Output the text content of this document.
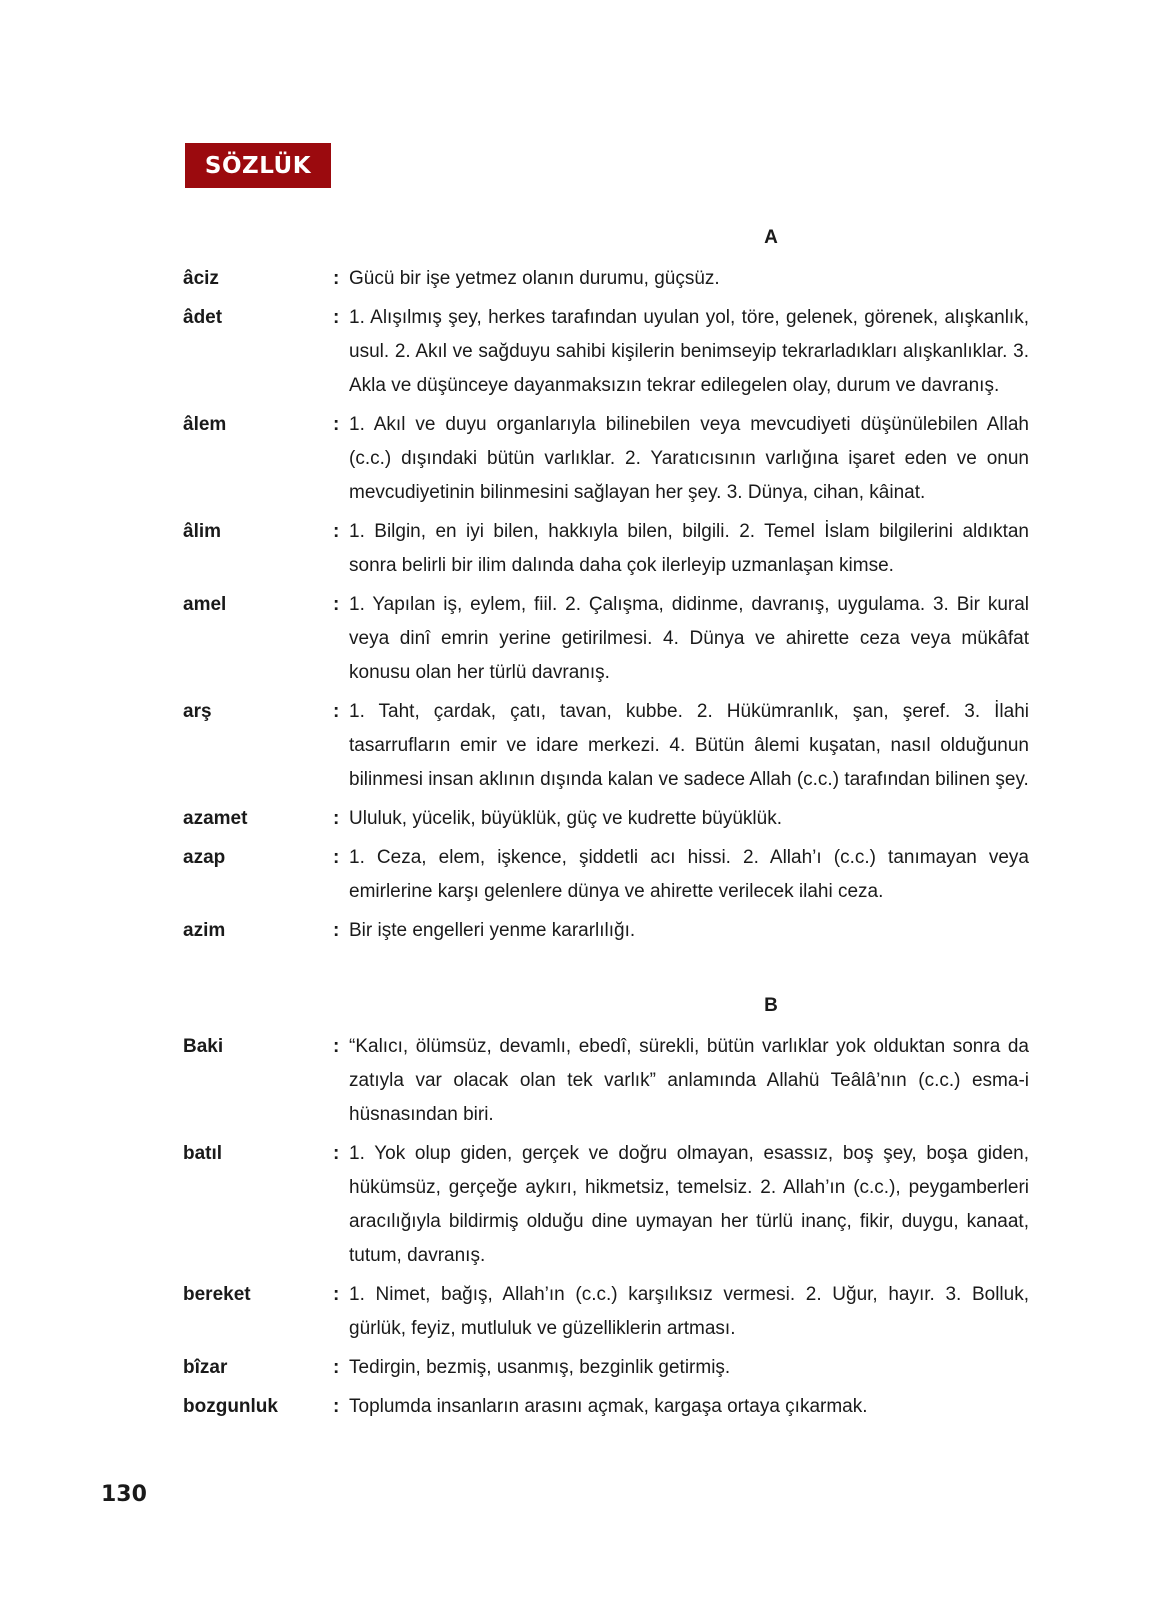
SÖZLÜK
A
âciz	: Gücü bir işe yetmez olanın durumu, güçsüz.
âdet	: 1. Alışılmış şey, herkes tarafından uyulan yol, töre, gelenek, görenek, alışkanlık, usul. 2. Akıl ve sağduyu sahibi kişilerin benimseyip tekrarladıkları alışkanlıklar. 3. Akla ve düşünceye dayanmaksızın tekrar edilegelen olay, durum ve davranış.
âlem	: 1. Akıl ve duyu organlarıyla bilinebilen veya mevcudiyeti düşünülebilen Allah (c.c.) dışındaki bütün varlıklar. 2. Yaratıcısının varlığına işaret eden ve onun mevcudiyetinin bilinmesini sağlayan her şey. 3. Dünya, cihan, kâinat.
âlim	: 1. Bilgin, en iyi bilen, hakkıyla bilen, bilgili. 2. Temel İslam bilgilerini aldıktan sonra belirli bir ilim dalında daha çok ilerleyip uzmanlaşan kimse.
amel	: 1. Yapılan iş, eylem, fiil. 2. Çalışma, didinme, davranış, uygulama. 3. Bir kural veya dinî emrin yerine getirilmesi. 4. Dünya ve ahirette ceza veya mükâfat konusu olan her türlü davranış.
arş	: 1. Taht, çardak, çatı, tavan, kubbe. 2. Hükümranlık, şan, şeref. 3. İlahi tasarrufların emir ve idare merkezi. 4. Bütün âlemi kuşatan, nasıl olduğunun bilinmesi insan aklının dışında kalan ve sadece Allah (c.c.) tarafından bilinen şey.
azamet	: Ululuk, yücelik, büyüklük, güç ve kudrette büyüklük.
azap	: 1. Ceza, elem, işkence, şiddetli acı hissi. 2. Allah’ı (c.c.) tanımayan veya emirlerine karşı gelenlere dünya ve ahirette verilecek ilahi ceza.
azim	: Bir işte engelleri yenme kararlılığı.
B
Baki	: “Kalıcı, ölümsüz, devamlı, ebedî, sürekli, bütün varlıklar yok olduktan sonra da zatıyla var olacak olan tek varlık” anlamında Allahü Teâlâ’nın (c.c.) esma-i hüsnasından biri.
batıl	: 1. Yok olup giden, gerçek ve doğru olmayan, esassız, boş şey, boşa giden, hükümsüz, gerçeğe aykırı, hikmetsiz, temelsiz. 2. Allah’ın (c.c.), peygamberleri aracılığıyla bildirmiş olduğu dine uymayan her türlü inanç, fikir, duygu, kanaat, tutum, davranış.
bereket	: 1. Nimet, bağış, Allah’ın (c.c.) karşılıksız vermesi. 2. Uğur, hayır. 3. Bolluk, gürlük, feyiz, mutluluk ve güzelliklerin artması.
bîzar	: Tedirgin, bezmiş, usanmış, bezginlik getirmiş.
bozgunluk	: Toplumda insanların arasını açmak, kargaşa ortaya çıkarmak.
130
